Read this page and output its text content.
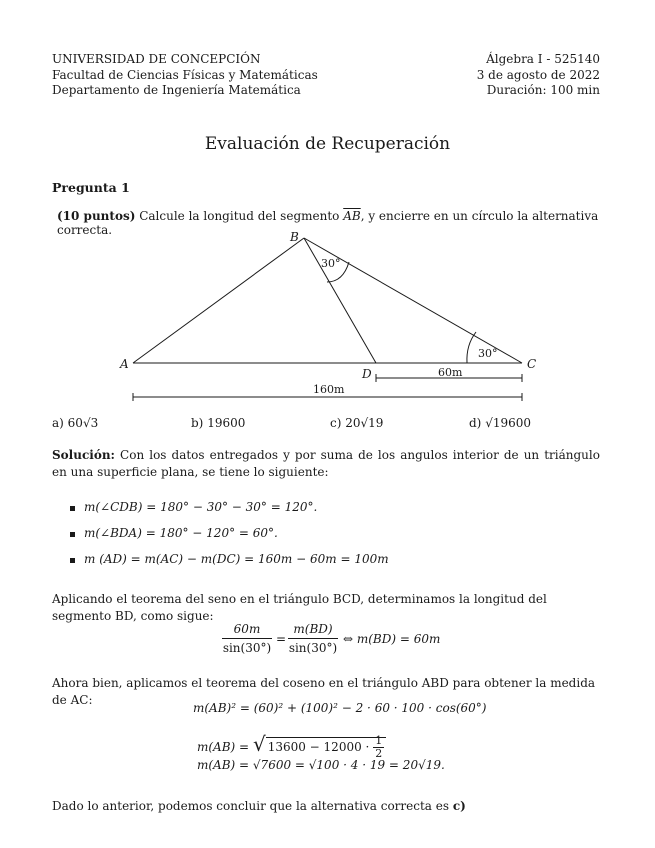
UNIVERSIDAD DE CONCEPCIÓN
Facultad de Ciencias Físicas y Matemáticas
Departamento de Ingeniería Matemática
Álgebra I - 525140
3 de agosto de 2022
Duración: 100 min
Evaluación de Recuperación
Pregunta 1
(10 puntos) Calcule la longitud del segmento $\overline{AB}$, y encierre en un círculo la alternativa correcta.	B
A	C
D
30°
30°
60m
160m
a) 60√3	b) 19600	c) 20√19	d) √19600
Solución: Con los datos entregados y por suma de los angulos interior de un triángulo en una superficie plana, se tiene lo siguiente:
m(∠CDB) = 180° − 30° − 30° = 120°.
m(∠BDA) = 180° − 120° = 60°.
m (AD) = m(AC) − m(DC) = 160m − 60m = 100m
Aplicando el teorema del seno en el triángulo BCD, determinamos la longitud del segmento BD, como sigue:
60m
sin(30°)
=
m(BD)
sin(30°)
⇔ m(BD) = 60m
Ahora bien, aplicamos el teorema del coseno en el triángulo ABD para obtener la medida de AC:
m(AB)² = (60)² + (100)² − 2 · 60 · 100 · cos(60°)
m(AB) = √ $13600 - 12000 \cdot \frac{1}{2}$
m(AB) = √7600 = √100 · 4 · 19 = 20√19.
Dado lo anterior, podemos concluir que la alternativa correcta es c)
